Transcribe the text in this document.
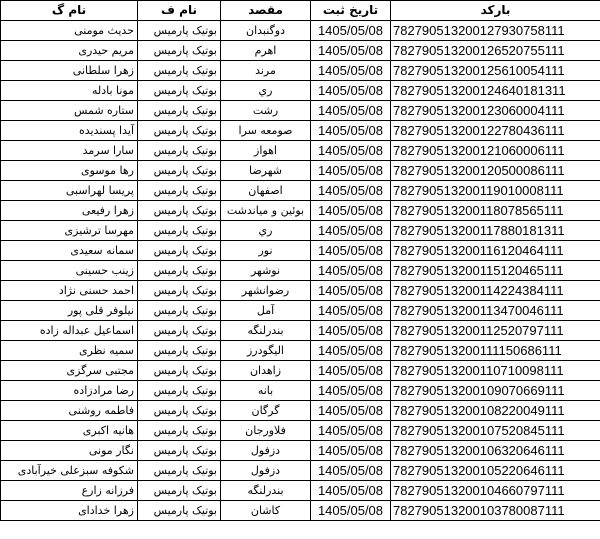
بارکد	تاریخ ثبت	مقصد	نام ف	نام گ
782790513200127930758111	1405/05/08	دوگنبدان	بوتیک پارمیس	حدیث مومنی
782790513200126520755111	1405/05/08	اهرم	بوتیک پارمیس	مریم حیدری
782790513200125610054111	1405/05/08	مرند	بوتیک پارمیس	زهرا سلطانی
782790513200124640181311	1405/05/08	ري	بوتیک پارمیس	مونا بادله
782790513200123060004111	1405/05/08	رشت	بوتیک پارمیس	ستاره شمس
782790513200122780436111	1405/05/08	صومعه سرا	بوتیک پارمیس	آیدا پسندیده
782790513200121060006111	1405/05/08	اهواز	بوتیک پارمیس	سارا سرمد
782790513200120500086111	1405/05/08	شهرضا	بوتیک پارمیس	رها موسوی
782790513200119010008111	1405/05/08	اصفهان	بوتیک پارمیس	پریسا لهراسبی
782790513200118078565111	1405/05/08	بوئین و میاندشت	بوتیک پارمیس	زهرا رفیعی
782790513200117880181311	1405/05/08	ري	بوتیک پارمیس	مهرسا ترشیزی
782790513200116120464111	1405/05/08	نور	بوتیک پارمیس	سمانه سعیدی
782790513200115120465111	1405/05/08	نوشهر	بوتیک پارمیس	زینب حسینی
782790513200114224384111	1405/05/08	رضوانشهر	بوتیک پارمیس	احمد حسنی نژاد
782790513200113470046111	1405/05/08	آمل	بوتیک پارمیس	نیلوفر قلی پور
782790513200112520797111	1405/05/08	بندرلنگه	بوتیک پارمیس	اسماعیل عبداله زاده
782790513200111150686111	1405/05/08	الیگودرز	بوتیک پارمیس	سمیه نظری
782790513200110710098111	1405/05/08	زاهدان	بوتیک پارمیس	مجتبی سرگزی
782790513200109070669111	1405/05/08	بانه	بوتیک پارمیس	رضا مرادزاده
782790513200108220049111	1405/05/08	گرگان	بوتیک پارمیس	فاطمه روشنی
782790513200107520845111	1405/05/08	فلاورجان	بوتیک پارمیس	هانیه اکبری
782790513200106320646111	1405/05/08	دزفول	بوتیک پارمیس	نگار مونی
782790513200105220646111	1405/05/08	دزفول	بوتیک پارمیس	شکوفه سبزعلی خیرآبادی
782790513200104660797111	1405/05/08	بندرلنگه	بوتیک پارمیس	فرزانه زارع
782790513200103780087111	1405/05/08	کاشان	بوتیک پارمیس	زهرا خدادای
